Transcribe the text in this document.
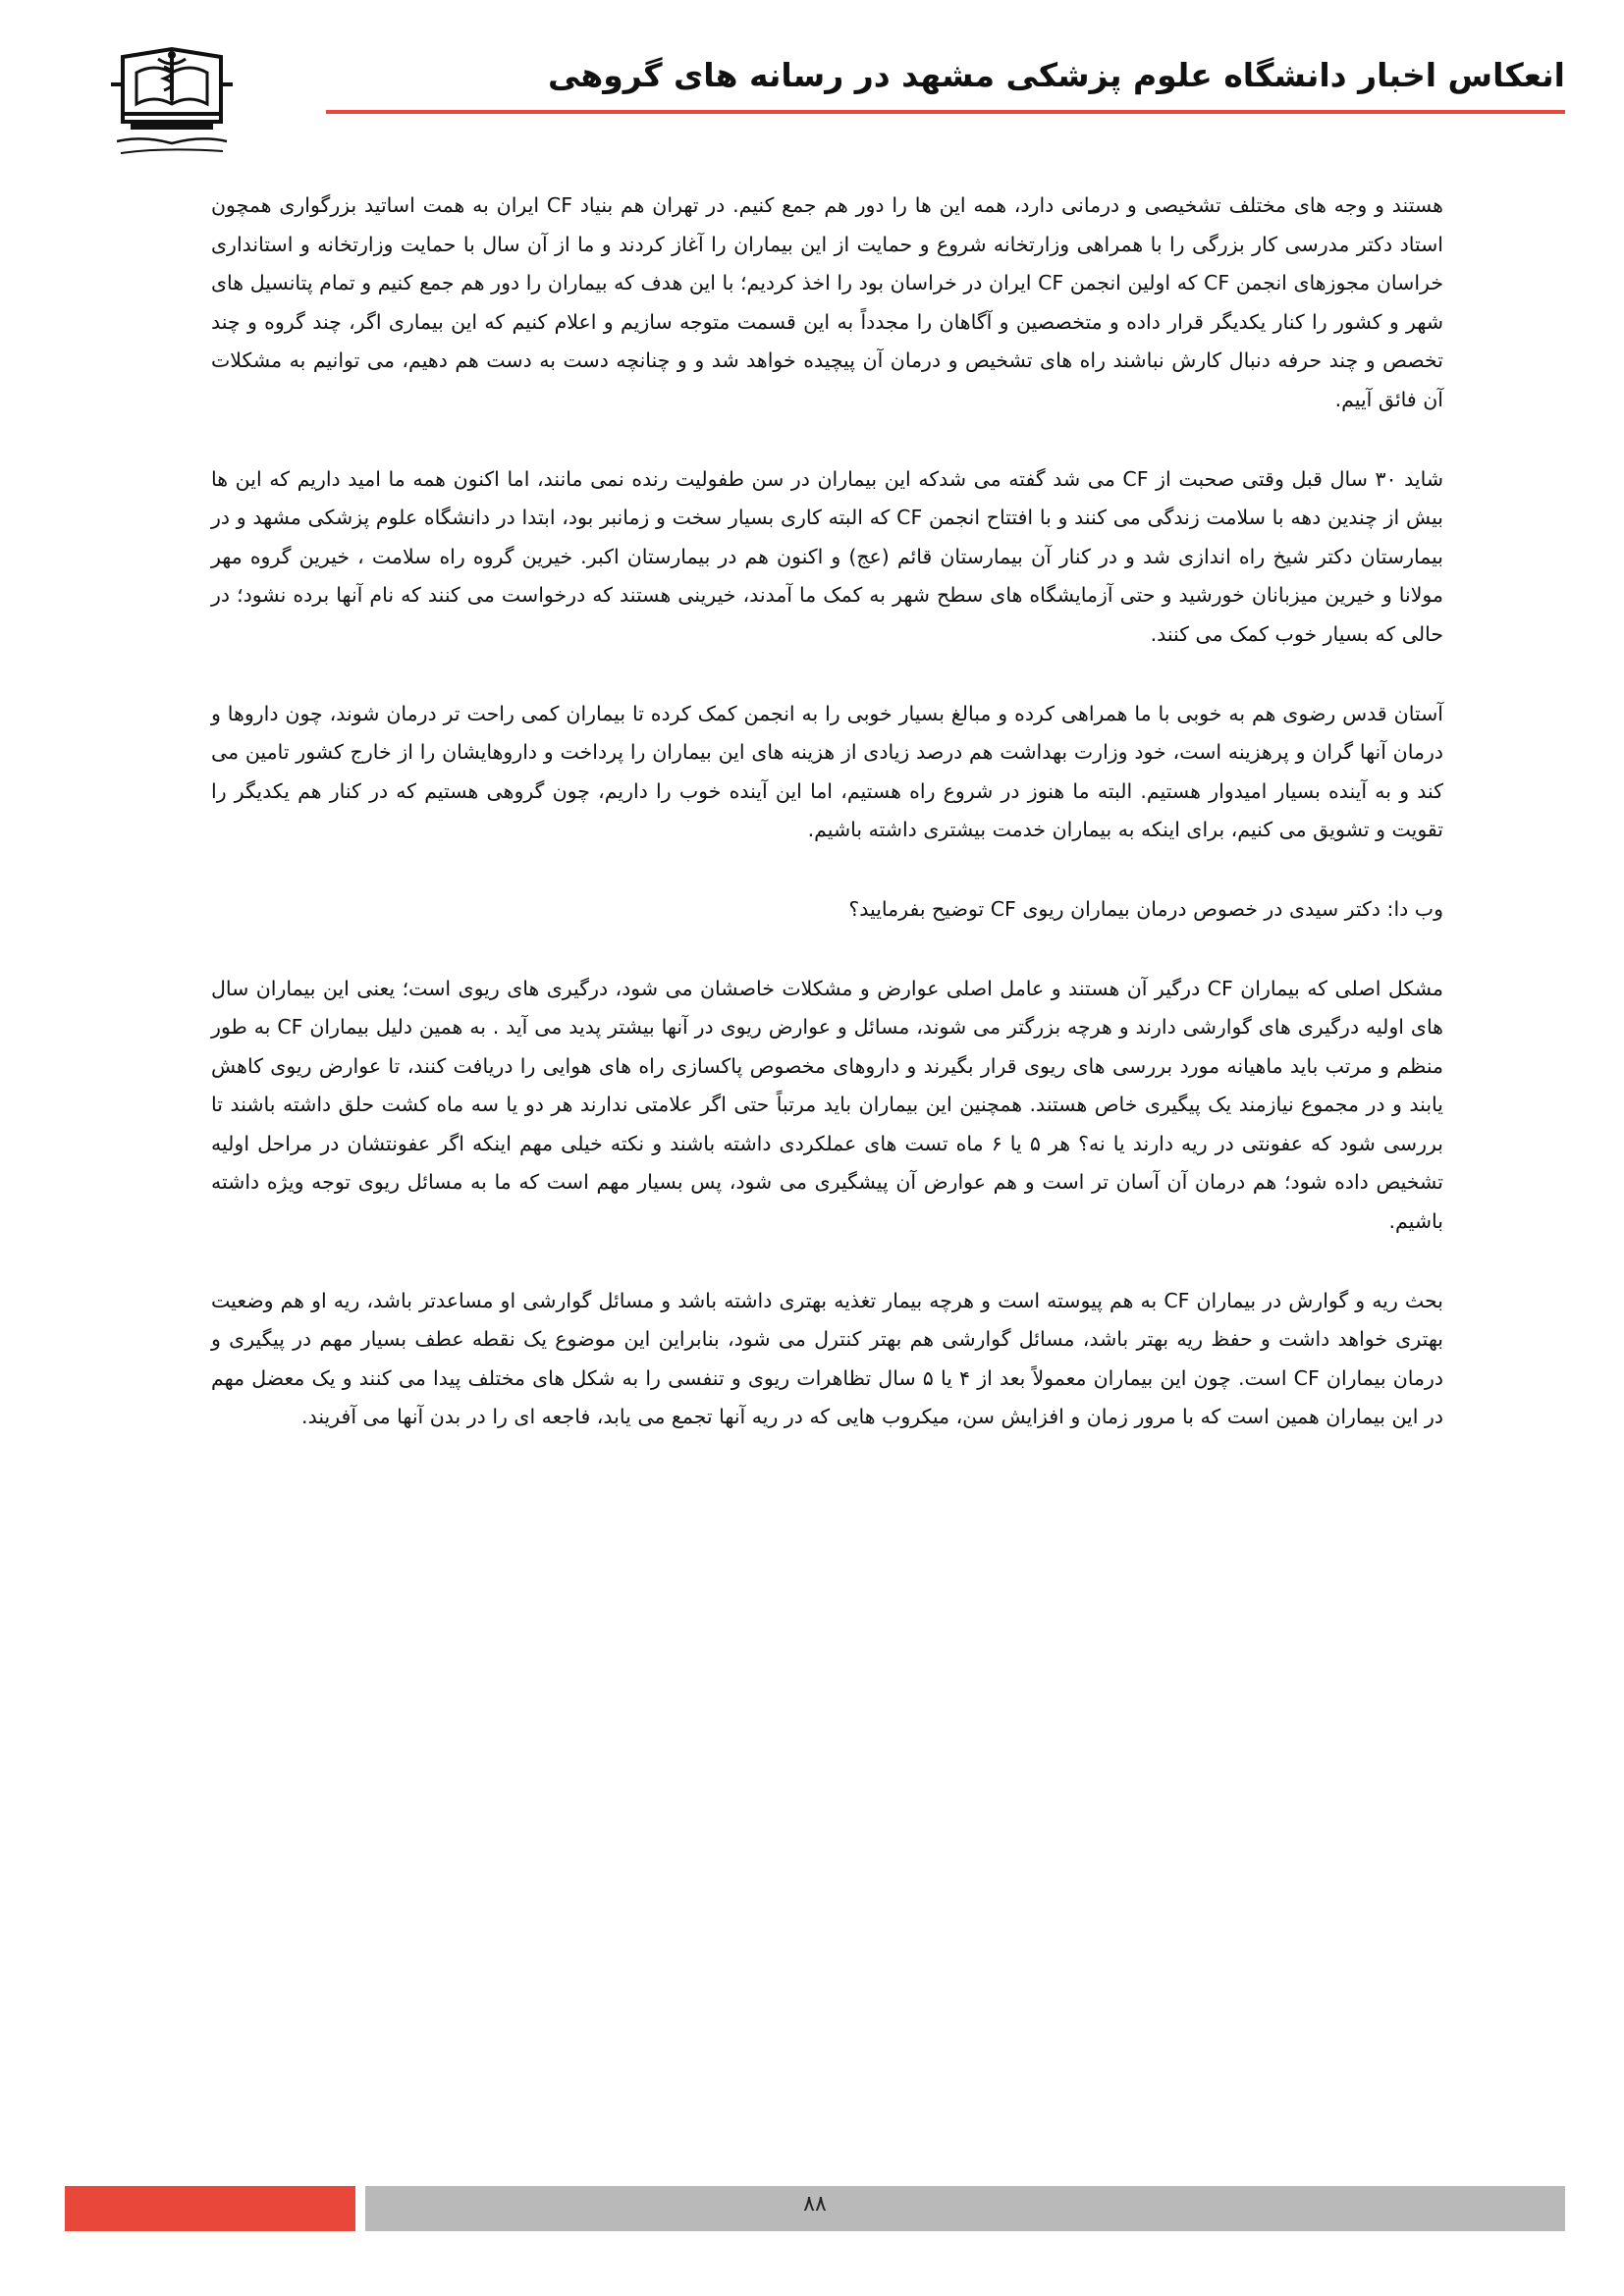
انعکاس اخبار دانشگاه علوم پزشکی مشهد در رسانه های گروهی

هستند و وجه های مختلف تشخیصی و درمانی دارد، همه این ها را دور هم جمع کنیم. در تهران هم بنیاد CF ایران به همت اساتید بزرگواری همچون استاد دکتر مدرسی کار بزرگی را با همراهی وزارتخانه شروع و حمایت از این بیماران را آغاز کردند و ما از آن سال با حمایت وزارتخانه و استانداری خراسان مجوزهای انجمن CF که اولین انجمن CF ایران در خراسان بود را اخذ کردیم؛ با این هدف که بیماران را دور هم جمع کنیم و تمام پتانسیل های شهر و کشور را کنار یکدیگر قرار داده و متخصصین و آگاهان را مجدداً به این قسمت متوجه سازیم و اعلام کنیم که این بیماری اگر، چند گروه و چند تخصص و چند حرفه دنبال کارش نباشند راه های تشخیص و درمان آن پیچیده خواهد شد و و چنانچه دست به دست هم دهیم، می توانیم به مشکلات آن فائق آییم.

شاید ۳۰ سال قبل وقتی صحبت از CF می شد گفته می شدکه این بیماران در سن طفولیت رنده نمی مانند، اما اکنون همه ما امید داریم که این ها بیش از چندین دهه با سلامت زندگی می کنند و با افتتاح انجمن CF که البته کاری بسیار سخت و زمانبر بود، ابتدا در دانشگاه علوم پزشکی مشهد و در بیمارستان دکتر شیخ راه اندازی شد و در کنار آن بیمارستان قائم (عج) و اکنون هم در بیمارستان اکبر. خیرین گروه راه سلامت ، خیرین گروه مهر مولانا و خیرین میزبانان خورشید و حتی آزمایشگاه های سطح شهر به کمک ما آمدند، خیرینی هستند که درخواست می کنند که نام آنها برده نشود؛ در حالی که بسیار خوب کمک می کنند.

آستان قدس رضوی هم به خوبی با ما همراهی کرده و مبالغ بسیار خوبی را به انجمن کمک کرده تا بیماران کمی راحت تر درمان شوند، چون داروها و درمان آنها گران و پرهزینه است، خود وزارت بهداشت هم درصد زیادی از هزینه های این بیماران را پرداخت و داروهایشان را از خارج کشور تامین می کند و به آینده بسیار امیدوار هستیم. البته ما هنوز در شروع راه هستیم، اما این آینده خوب را داریم، چون گروهی هستیم که در کنار هم یکدیگر را تقویت و تشویق می کنیم، برای اینکه به بیماران خدمت بیشتری داشته باشیم.

وب دا: دکتر سیدی در خصوص درمان بیماران ریوی CF توضیح بفرمایید؟

مشکل اصلی که بیماران CF درگیر آن هستند و عامل اصلی عوارض و مشکلات خاصشان می شود، درگیری های ریوی است؛ یعنی این بیماران سال های اولیه درگیری های گوارشی دارند و هرچه بزرگتر می شوند، مسائل و عوارض ریوی در آنها بیشتر پدید می آید . به همین دلیل بیماران CF به طور منظم و مرتب باید ماهیانه مورد بررسی های ریوی قرار بگیرند و داروهای مخصوص پاکسازی راه های هوایی را دریافت کنند، تا عوارض ریوی کاهش یابند و در مجموع نیازمند یک پیگیری خاص هستند. همچنین این بیماران باید مرتباً حتی اگر علامتی ندارند هر دو یا سه ماه کشت حلق داشته باشند تا بررسی شود که عفونتی در ریه دارند یا نه؟ هر ۵ یا ۶ ماه تست های عملکردی داشته باشند و نکته خیلی مهم اینکه اگر عفونتشان در مراحل اولیه تشخیص داده شود؛ هم درمان آن آسان تر است و هم عوارض آن پیشگیری می شود، پس بسیار مهم است که ما به مسائل ریوی توجه ویژه داشته باشیم.

بحث ریه و گوارش در بیماران CF به هم پیوسته است و هرچه بیمار تغذیه بهتری داشته باشد و مسائل گوارشی او مساعدتر باشد، ریه او هم وضعیت بهتری خواهد داشت و حفظ ریه بهتر باشد، مسائل گوارشی هم بهتر کنترل می شود، بنابراین این موضوع یک نقطه عطف بسیار مهم در پیگیری و درمان بیماران CF است. چون این بیماران معمولاً بعد از ۴ یا ۵ سال تظاهرات ریوی و تنفسی را به شکل های مختلف پیدا می کنند و یک معضل مهم در این بیماران همین است که با مرور زمان و افزایش سن، میکروب هایی که در ریه آنها تجمع می یابد، فاجعه ای را در بدن آنها می آفریند.

۸۸
